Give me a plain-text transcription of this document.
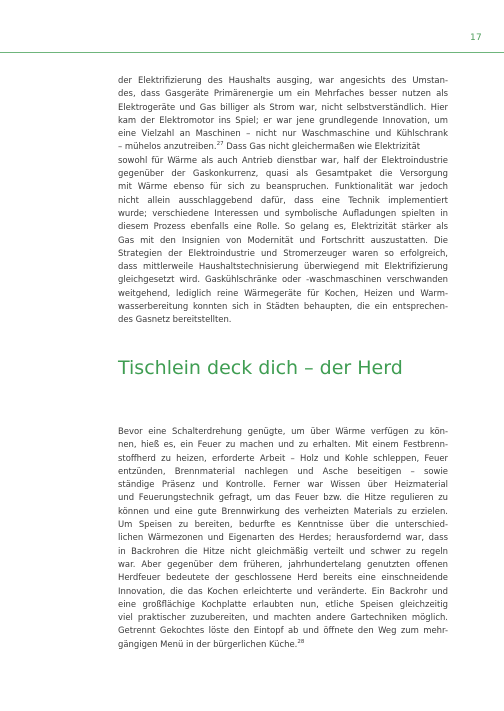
17
der Elektrifizierung des Haushalts ausging, war angesichts des Umstan-
des, dass Gasgeräte Primärenergie um ein Mehrfaches besser nutzen als
Elektrogeräte und Gas billiger als Strom war, nicht selbstverständlich. Hier
kam der Elektromotor ins Spiel; er war jene grundlegende Innovation, um
eine Vielzahl an Maschinen – nicht nur Waschmaschine und Kühlschrank
– mühelos anzutreiben.$^{27}$ Dass Gas nicht gleichermaßen wie Elektrizität
sowohl für Wärme als auch Antrieb dienstbar war, half der Elektroindustrie
gegenüber der Gaskonkurrenz, quasi als Gesamtpaket die Versorgung
mit Wärme ebenso für sich zu beanspruchen. Funktionalität war jedoch
nicht allein ausschlaggebend dafür, dass eine Technik implementiert
wurde; verschiedene Interessen und symbolische Aufladungen spielten in
diesem Prozess ebenfalls eine Rolle. So gelang es, Elektrizität stärker als
Gas mit den Insignien von Modernität und Fortschritt auszustatten. Die
Strategien der Elektroindustrie und Stromerzeuger waren so erfolgreich,
dass mittlerweile Haushaltstechnisierung überwiegend mit Elektrifizierung
gleichgesetzt wird. Gaskühlschränke oder -waschmaschinen verschwanden
weitgehend, lediglich reine Wärmegeräte für Kochen, Heizen und Warm-
wasserbereitung konnten sich in Städten behaupten, die ein entsprechen-
des Gasnetz bereitstellten.
Tischlein deck dich – der Herd
Bevor eine Schalterdrehung genügte, um über Wärme verfügen zu kön-
nen, hieß es, ein Feuer zu machen und zu erhalten. Mit einem Festbrenn-
stoffherd zu heizen, erforderte Arbeit – Holz und Kohle schleppen, Feuer
entzünden, Brennmaterial nachlegen und Asche beseitigen – sowie
ständige Präsenz und Kontrolle. Ferner war Wissen über Heizmaterial
und Feuerungstechnik gefragt, um das Feuer bzw. die Hitze regulieren zu
können und eine gute Brennwirkung des verheizten Materials zu erzielen.
Um Speisen zu bereiten, bedurfte es Kenntnisse über die unterschied-
lichen Wärmezonen und Eigenarten des Herdes; herausfordernd war, dass
in Backrohren die Hitze nicht gleichmäßig verteilt und schwer zu regeln
war. Aber gegenüber dem früheren, jahrhundertelang genutzten offenen
Herdfeuer bedeutete der geschlossene Herd bereits eine einschneidende
Innovation, die das Kochen erleichterte und veränderte. Ein Backrohr und
eine großflächige Kochplatte erlaubten nun, etliche Speisen gleichzeitig
viel praktischer zuzubereiten, und machten andere Gartechniken möglich.
Getrennt Gekochtes löste den Eintopf ab und öffnete den Weg zum mehr-
gängigen Menü in der bürgerlichen Küche.$^{28}$
